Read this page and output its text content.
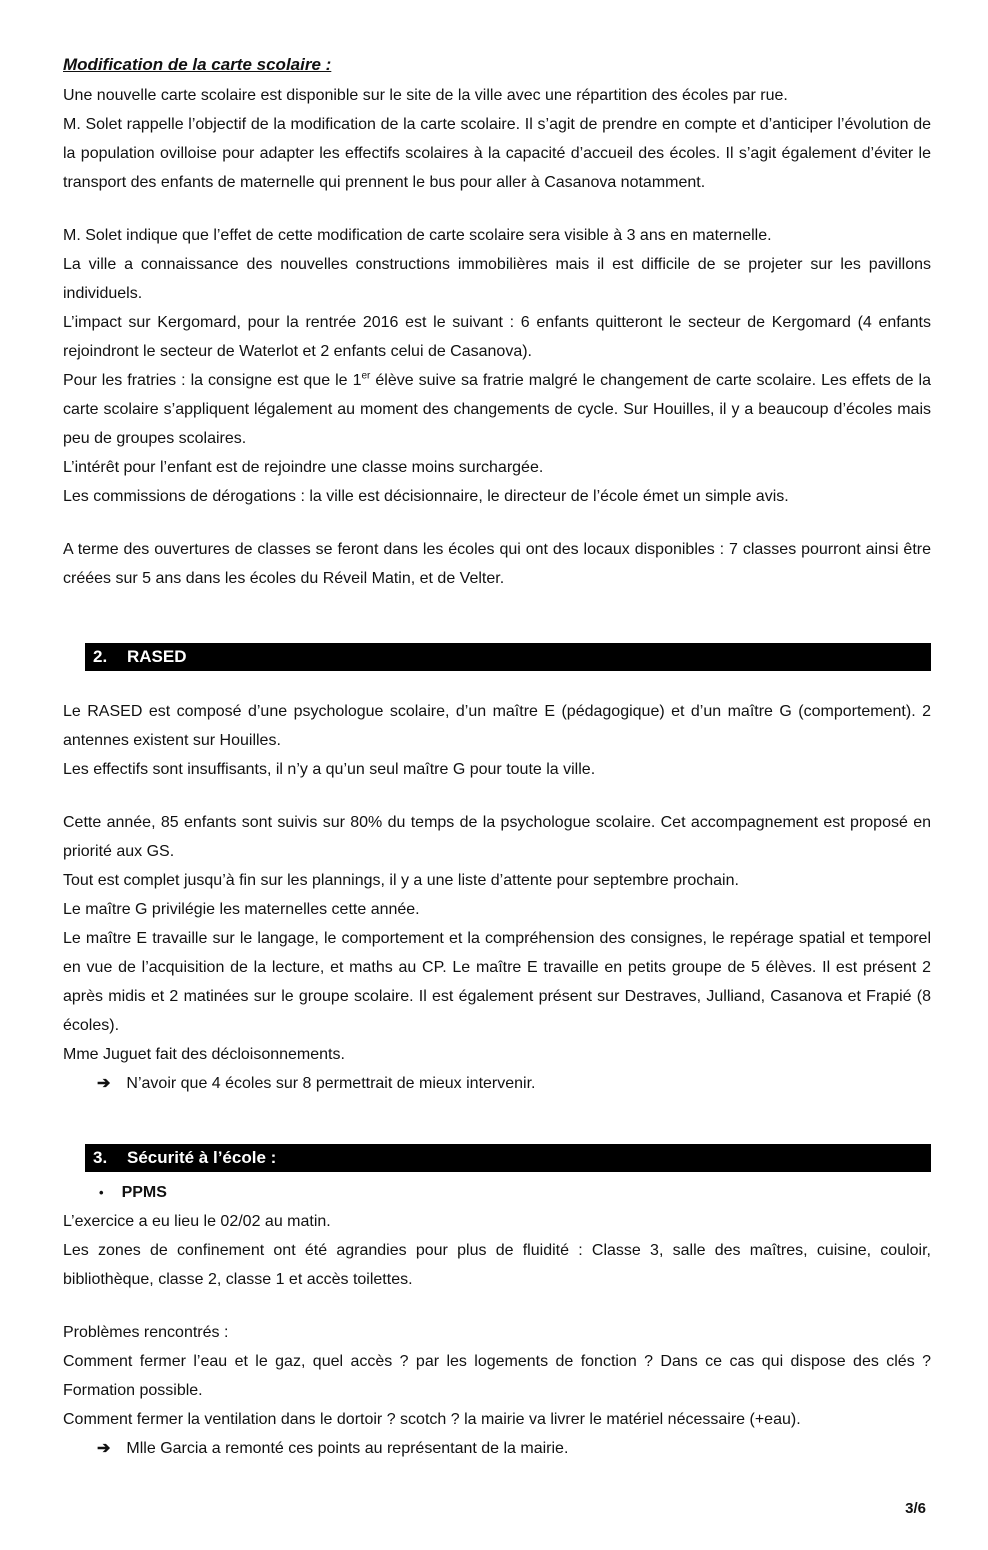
Modification de la carte scolaire :

Une nouvelle carte scolaire est disponible sur le site de la ville avec une répartition des écoles par rue.

M. Solet rappelle l’objectif de la modification de la carte scolaire. Il s’agit de prendre en compte et d’anticiper l’évolution de la population ovilloise pour adapter les effectifs scolaires à la capacité d’accueil des écoles. Il s’agit également d’éviter le transport des enfants de maternelle qui prennent le bus pour aller à Casanova notamment.

M. Solet indique que l’effet de cette modification de carte scolaire sera visible à 3 ans en maternelle.

La ville a connaissance des nouvelles constructions immobilières mais il est difficile de se projeter sur les pavillons individuels.

L’impact sur Kergomard, pour la rentrée 2016 est le suivant : 6 enfants quitteront le secteur de Kergomard (4 enfants rejoindront le secteur de Waterlot et 2 enfants celui de Casanova).

Pour les fratries : la consigne est que le 1er élève suive sa fratrie malgré le changement de carte scolaire. Les effets de la carte scolaire s’appliquent légalement au moment des changements de cycle. Sur Houilles, il y a beaucoup d’écoles mais peu de groupes scolaires.

L’intérêt pour l’enfant est de rejoindre une classe moins surchargée.

Les commissions de dérogations : la ville est décisionnaire, le directeur de l’école émet un simple avis.

A terme des ouvertures de classes se feront dans les écoles qui ont des locaux disponibles : 7 classes pourront ainsi être créées sur 5 ans dans les écoles du Réveil Matin, et de Velter.

2.	RASED

Le RASED est composé d’une psychologue scolaire, d’un maître E (pédagogique) et d’un maître G (comportement). 2 antennes existent sur Houilles.

Les effectifs sont insuffisants, il n’y a qu’un seul maître G pour toute la ville.

Cette année, 85 enfants sont suivis sur 80% du temps de la psychologue scolaire. Cet accompagnement est proposé en priorité aux GS.

Tout est complet jusqu’à fin sur les plannings, il y a une liste d’attente pour septembre prochain.

Le maître G privilégie les maternelles cette année.

Le maître E travaille sur le langage, le comportement et la compréhension des consignes, le repérage spatial et temporel en vue de l’acquisition de la lecture, et maths au CP. Le maître E travaille en petits groupe de 5 élèves. Il est présent 2 après midis et 2 matinées sur le groupe scolaire. Il est également présent sur Destraves, Julliand, Casanova et Frapié (8 écoles).

Mme Juguet fait des décloisonnements.

➔ N’avoir que 4 écoles sur 8 permettrait de mieux intervenir.
3.	Sécurité à l’école :
• PPMS

L’exercice a eu lieu le 02/02 au matin.

Les zones de confinement ont été agrandies pour plus de fluidité : Classe 3, salle des maîtres, cuisine, couloir, bibliothèque, classe 2, classe 1 et accès toilettes.

Problèmes rencontrés :

Comment fermer l’eau et le gaz, quel accès ? par les logements de fonction ? Dans ce cas qui dispose des clés ? Formation possible.

Comment fermer la ventilation dans le dortoir ? scotch ? la mairie va livrer le matériel nécessaire (+eau).

➔ Mlle Garcia a remonté ces points au représentant de la mairie.
3/6
